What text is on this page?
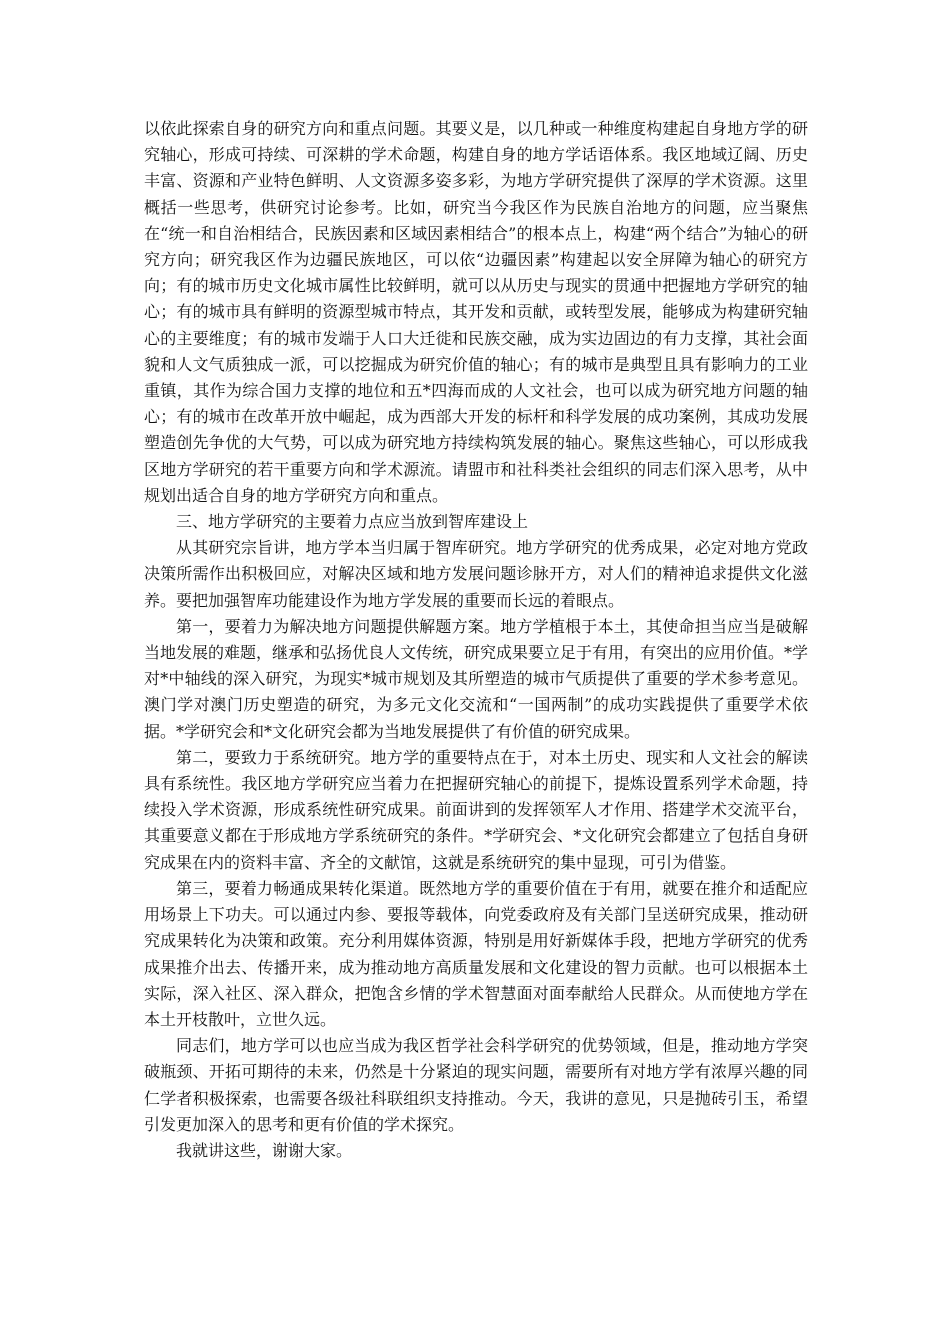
以依此探索自身的研究方向和重点问题。其要义是，以几种或一种维度构建起自身地方学的研究轴心，形成可持续、可深耕的学术命题，构建自身的地方学话语体系。我区地域辽阔、历史丰富、资源和产业特色鲜明、人文资源多姿多彩，为地方学研究提供了深厚的学术资源。这里概括一些思考，供研究讨论参考。比如，研究当今我区作为民族自治地方的问题，应当聚焦在“统一和自治相结合，民族因素和区域因素相结合”的根本点上，构建“两个结合”为轴心的研究方向；研究我区作为边疆民族地区，可以依“边疆因素”构建起以安全屏障为轴心的研究方向；有的城市历史文化城市属性比较鲜明，就可以从历史与现实的贯通中把握地方学研究的轴心；有的城市具有鲜明的资源型城市特点，其开发和贡献，或转型发展，能够成为构建研究轴心的主要维度；有的城市发端于人口大迁徙和民族交融，成为实边固边的有力支撑，其社会面貌和人文气质独成一派，可以挖掘成为研究价值的轴心；有的城市是典型且具有影响力的工业重镇，其作为综合国力支撑的地位和五*四海而成的人文社会，也可以成为研究地方问题的轴心；有的城市在改革开放中崛起，成为西部大开发的标杆和科学发展的成功案例，其成功发展塑造创先争优的大气势，可以成为研究地方持续构筑发展的轴心。聚焦这些轴心，可以形成我区地方学研究的若干重要方向和学术源流。请盟市和社科类社会组织的同志们深入思考，从中规划出适合自身的地方学研究方向和重点。

三、地方学研究的主要着力点应当放到智库建设上

从其研究宗旨讲，地方学本当归属于智库研究。地方学研究的优秀成果，必定对地方党政决策所需作出积极回应，对解决区域和地方发展问题诊脉开方，对人们的精神追求提供文化滋养。要把加强智库功能建设作为地方学发展的重要而长远的着眼点。

第一，要着力为解决地方问题提供解题方案。地方学植根于本土，其使命担当应当是破解当地发展的难题，继承和弘扬优良人文传统，研究成果要立足于有用，有突出的应用价值。*学对*中轴线的深入研究，为现实*城市规划及其所塑造的城市气质提供了重要的学术参考意见。澳门学对澳门历史塑造的研究，为多元文化交流和“一国两制”的成功实践提供了重要学术依据。*学研究会和*文化研究会都为当地发展提供了有价值的研究成果。

第二，要致力于系统研究。地方学的重要特点在于，对本土历史、现实和人文社会的解读具有系统性。我区地方学研究应当着力在把握研究轴心的前提下，提炼设置系列学术命题，持续投入学术资源，形成系统性研究成果。前面讲到的发挥领军人才作用、搭建学术交流平台，其重要意义都在于形成地方学系统研究的条件。*学研究会、*文化研究会都建立了包括自身研究成果在内的资料丰富、齐全的文献馆，这就是系统研究的集中显现，可引为借鉴。

第三，要着力畅通成果转化渠道。既然地方学的重要价值在于有用，就要在推介和适配应用场景上下功夫。可以通过内参、要报等载体，向党委政府及有关部门呈送研究成果，推动研究成果转化为决策和政策。充分利用媒体资源，特别是用好新媒体手段，把地方学研究的优秀成果推介出去、传播开来，成为推动地方高质量发展和文化建设的智力贡献。也可以根据本土实际，深入社区、深入群众，把饱含乡情的学术智慧面对面奉献给人民群众。从而使地方学在本土开枝散叶，立世久远。

同志们，地方学可以也应当成为我区哲学社会科学研究的优势领域，但是，推动地方学突破瓶颈、开拓可期待的未来，仍然是十分紧迫的现实问题，需要所有对地方学有浓厚兴趣的同仁学者积极探索，也需要各级社科联组织支持推动。今天，我讲的意见，只是抛砖引玉，希望引发更加深入的思考和更有价值的学术探究。

我就讲这些，谢谢大家。
